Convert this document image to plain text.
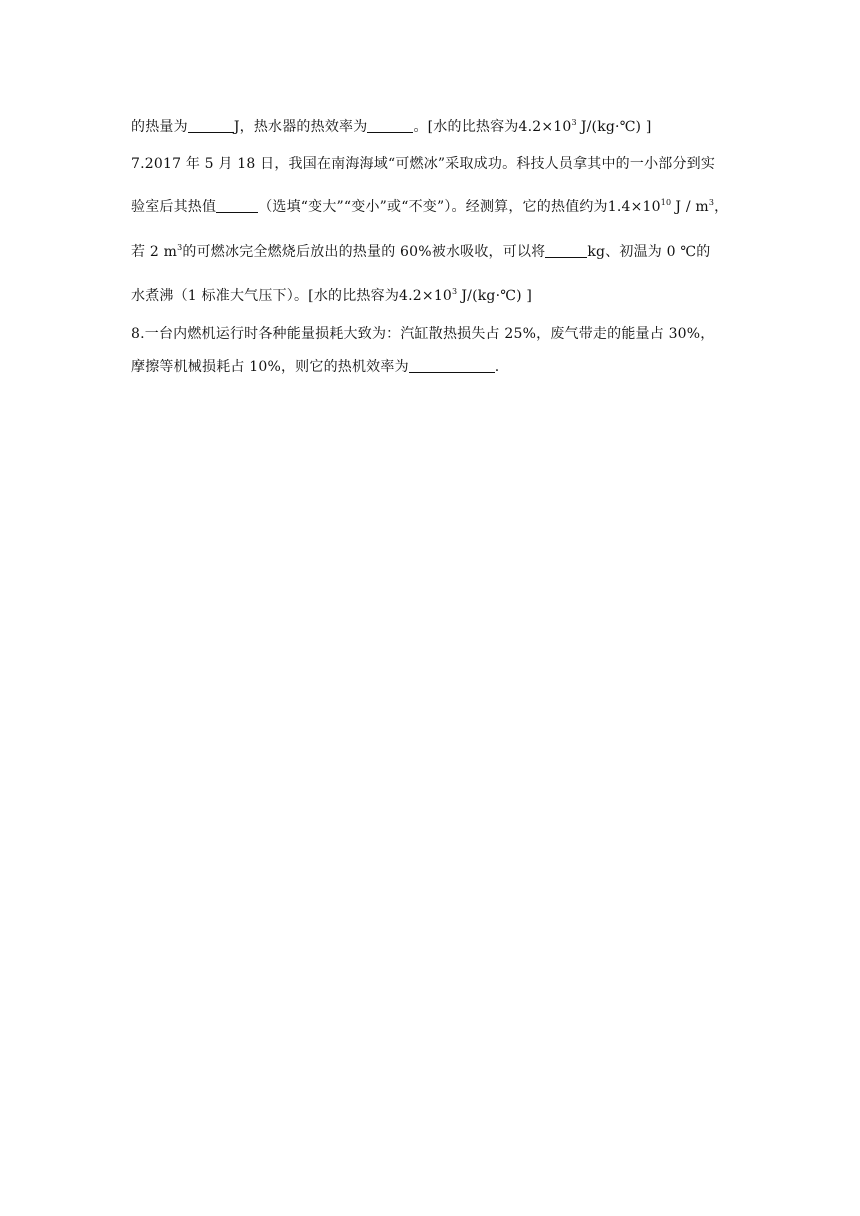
的热量为	J，热水器的热效率为	。[水的比热容为$4.2\times 10^3$ J/(kg·℃) ]
7.2017 年 5 月 18 日，我国在南海海域“可燃冰”采取成功。科技人员拿其中的一小部分到实
验室后其热值	（选填“变大”“变小”或“不变”）。经测算，它的热值约为$1.4\times 10^{10}$ J / $m^3$，
若 2 $m^3$的可燃冰完全燃烧后放出的热量的 60%被水吸收，可以将	kg、初温为 0 ℃的
水煮沸（1 标准大气压下）。[水的比热容为$4.2\times 10^3$ J/(kg·℃) ]
8.一台内燃机运行时各种能量损耗大致为：汽缸散热损失占 25%，废气带走的能量占 30%，
摩擦等机械损耗占 10%，则它的热机效率为	.
